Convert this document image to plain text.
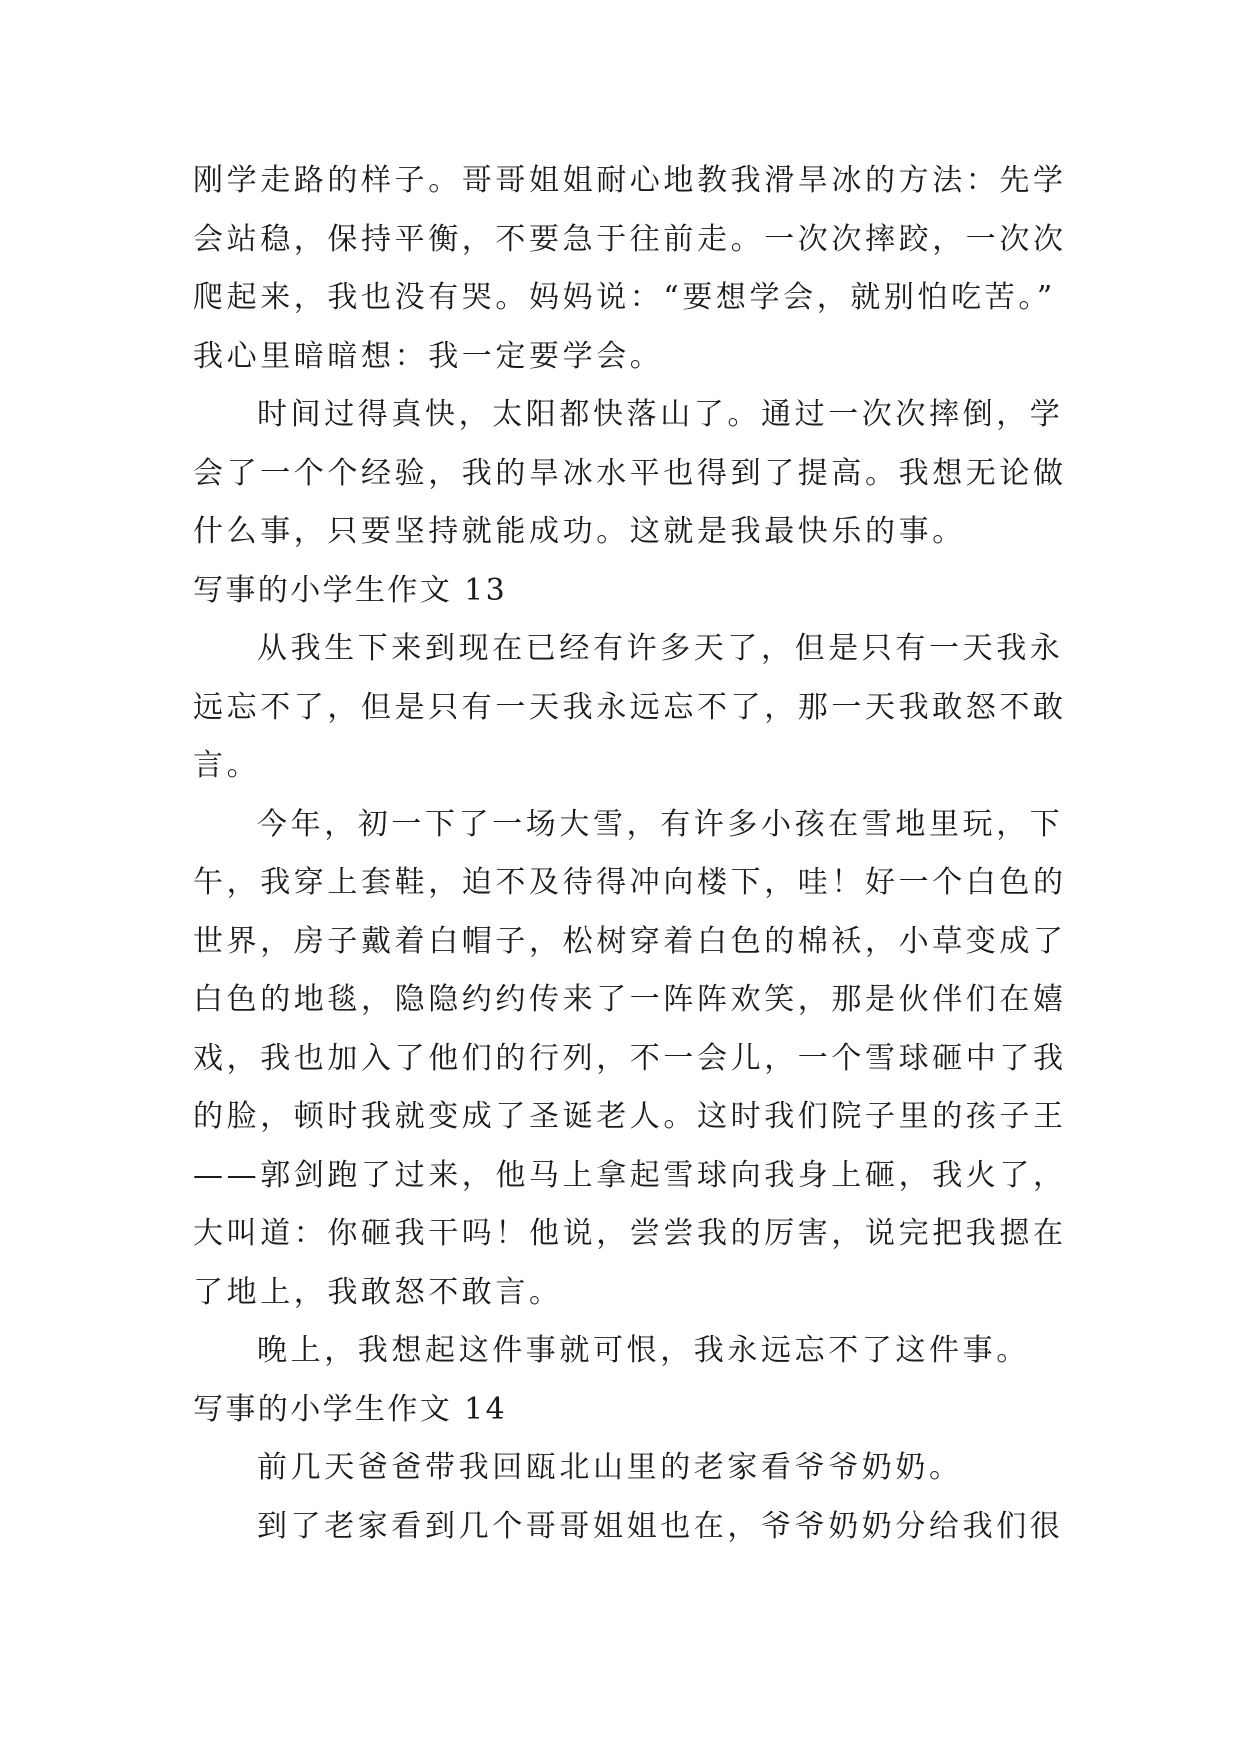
刚学走路的样子。哥哥姐姐耐心地教我滑旱冰的方法：先学
会站稳，保持平衡，不要急于往前走。一次次摔跤，一次次
爬起来，我也没有哭。妈妈说：“要想学会，就别怕吃苦。”
我心里暗暗想：我一定要学会。
时间过得真快，太阳都快落山了。通过一次次摔倒，学
会了一个个经验，我的旱冰水平也得到了提高。我想无论做
什么事，只要坚持就能成功。这就是我最快乐的事。
写事的小学生作文 13
从我生下来到现在已经有许多天了，但是只有一天我永
远忘不了，但是只有一天我永远忘不了，那一天我敢怒不敢
言。
今年，初一下了一场大雪，有许多小孩在雪地里玩，下
午，我穿上套鞋，迫不及待得冲向楼下，哇！好一个白色的
世界，房子戴着白帽子，松树穿着白色的棉袄，小草变成了
白色的地毯，隐隐约约传来了一阵阵欢笑，那是伙伴们在嬉
戏，我也加入了他们的行列，不一会儿，一个雪球砸中了我
的脸，顿时我就变成了圣诞老人。这时我们院子里的孩子王
——郭剑跑了过来，他马上拿起雪球向我身上砸，我火了，
大叫道：你砸我干吗！他说，尝尝我的厉害，说完把我摁在
了地上，我敢怒不敢言。
晚上，我想起这件事就可恨，我永远忘不了这件事。
写事的小学生作文 14
前几天爸爸带我回瓯北山里的老家看爷爷奶奶。
到了老家看到几个哥哥姐姐也在，爷爷奶奶分给我们很
